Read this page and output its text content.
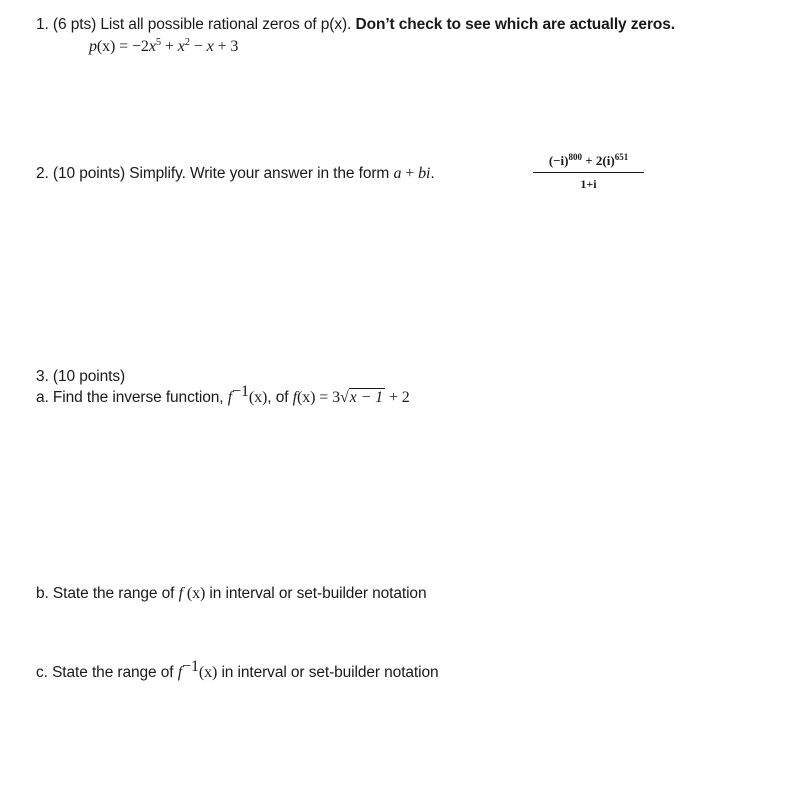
1. (6 pts) List all possible rational zeros of p(x). Don’t check to see which are actually zeros.
$p(x) = -2x^5 + x^2 - x + 3$
2. (10 points) Simplify. Write your answer in the form a + bi.
$(-i)^{800} + 2(i)^{651}$
1+i
3. (10 points)
a. Find the inverse function, $f^{-1}(x)$, of f(x) = 3√x − 1 + 2
b. State the range of f (x) in interval or set-builder notation
c. State the range of $f^{-1}(x)$ in interval or set-builder notation
